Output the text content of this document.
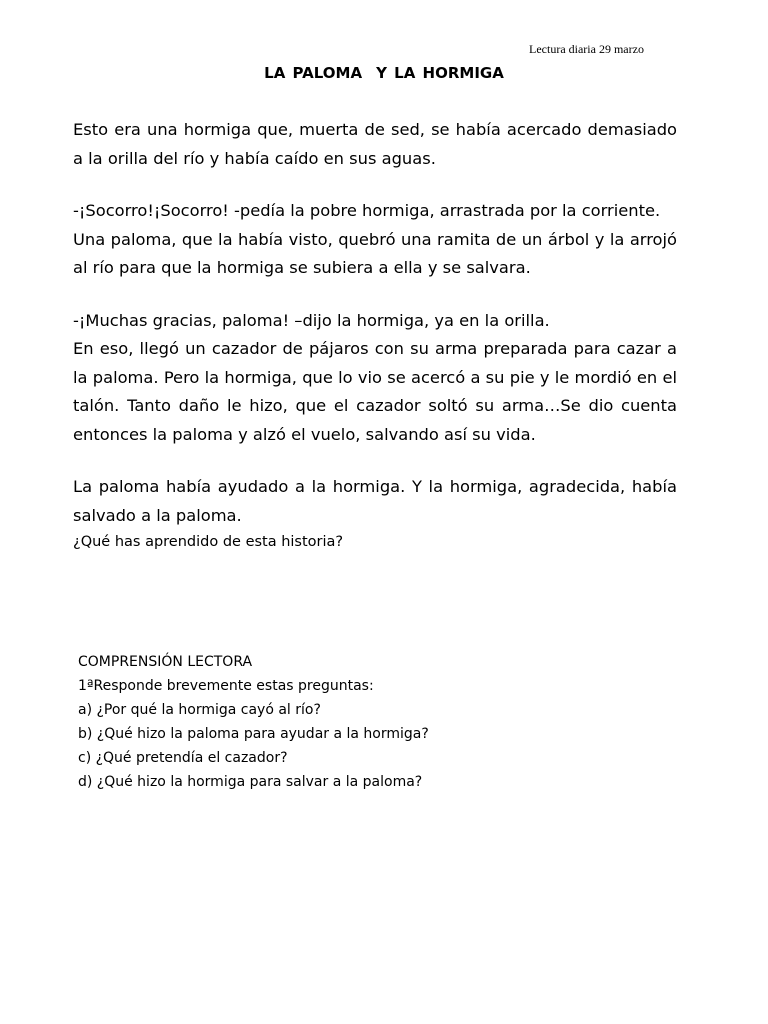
Lectura diaria 29 marzo
LA PALOMA Y LA HORMIGA

Esto era una hormiga que, muerta de sed, se había acercado demasiado a la orilla del río y había caído en sus aguas.

-¡Socorro!¡Socorro! -pedía la pobre hormiga, arrastrada por la corriente.

Una paloma, que la había visto, quebró una ramita de un árbol y la arrojó al río para que la hormiga se subiera a ella y se salvara.

-¡Muchas gracias, paloma! –dijo la hormiga, ya en la orilla.

En eso, llegó un cazador de pájaros con su arma preparada para cazar a la paloma. Pero la hormiga, que lo vio se acercó a su pie y le mordió en el talón. Tanto daño le hizo, que el cazador soltó su arma…Se dio cuenta entonces la paloma y alzó el vuelo, salvando así su vida.

La paloma había ayudado a la hormiga. Y la hormiga, agradecida, había salvado a la paloma.

¿Qué has aprendido de esta historia?

COMPRENSIÓN LECTORA

1ªResponde brevemente estas preguntas:

a) ¿Por qué la hormiga cayó al río?

b) ¿Qué hizo la paloma para ayudar a la hormiga?

c) ¿Qué pretendía el cazador?

d) ¿Qué hizo la hormiga para salvar a la paloma?
